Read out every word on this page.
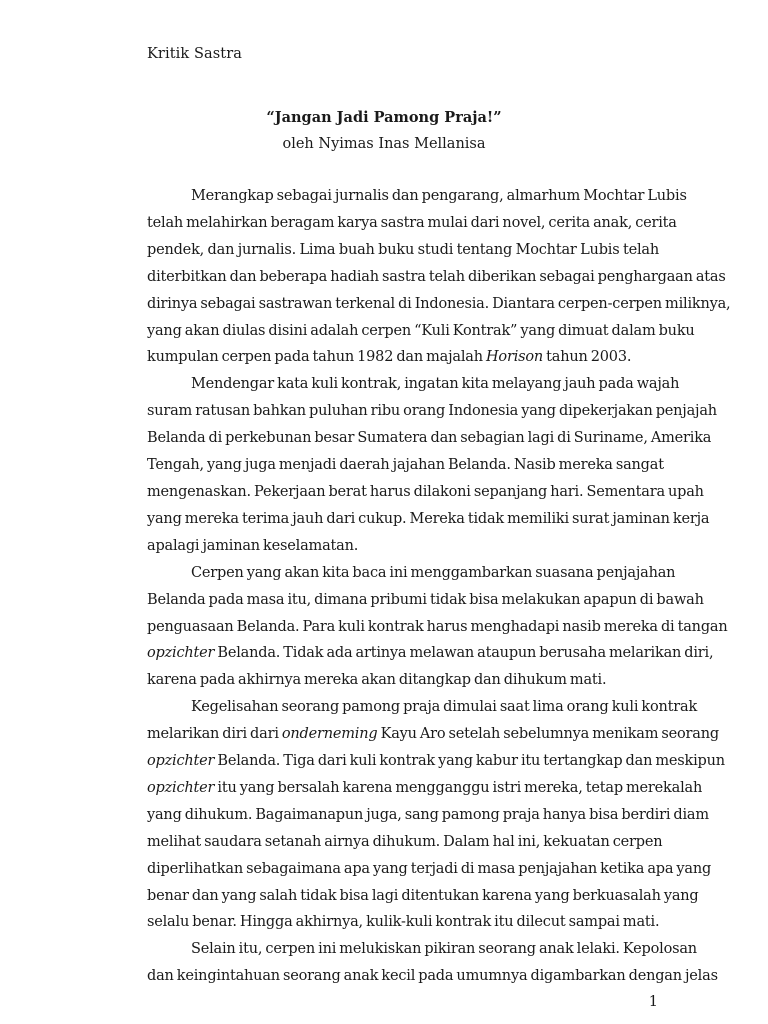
Kritik Sastra
“Jangan Jadi Pamong Praja!”
oleh Nyimas Inas Mellanisa
Merangkap sebagai jurnalis dan pengarang, almarhum Mochtar Lubis
telah melahirkan beragam karya sastra mulai dari novel, cerita anak, cerita
pendek, dan jurnalis. Lima buah buku studi tentang Mochtar Lubis telah
diterbitkan dan beberapa hadiah sastra telah diberikan sebagai penghargaan atas
dirinya sebagai sastrawan terkenal di Indonesia. Diantara cerpen-cerpen miliknya,
yang akan diulas disini adalah cerpen “Kuli Kontrak” yang dimuat dalam buku
kumpulan cerpen pada tahun 1982 dan majalah Horison tahun 2003.
Mendengar kata kuli kontrak, ingatan kita melayang jauh pada wajah
suram ratusan bahkan puluhan ribu orang Indonesia yang dipekerjakan penjajah
Belanda di perkebunan besar Sumatera dan sebagian lagi di Suriname, Amerika
Tengah, yang juga menjadi daerah jajahan Belanda. Nasib mereka sangat
mengenaskan. Pekerjaan berat harus dilakoni sepanjang hari. Sementara upah
yang mereka terima jauh dari cukup. Mereka tidak memiliki surat jaminan kerja
apalagi jaminan keselamatan.
Cerpen yang akan kita baca ini menggambarkan suasana penjajahan
Belanda pada masa itu, dimana pribumi tidak bisa melakukan apapun di bawah
penguasaan Belanda. Para kuli kontrak harus menghadapi nasib mereka di tangan
opzichter Belanda. Tidak ada artinya melawan ataupun berusaha melarikan diri,
karena pada akhirnya mereka akan ditangkap dan dihukum mati.
Kegelisahan seorang pamong praja dimulai saat lima orang kuli kontrak
melarikan diri dari onderneming Kayu Aro setelah sebelumnya menikam seorang
opzichter Belanda. Tiga dari kuli kontrak yang kabur itu tertangkap dan meskipun
opzichter itu yang bersalah karena mengganggu istri mereka, tetap merekalah
yang dihukum. Bagaimanapun juga, sang pamong praja hanya bisa berdiri diam
melihat saudara setanah airnya dihukum. Dalam hal ini, kekuatan cerpen
diperlihatkan sebagaimana apa yang terjadi di masa penjajahan ketika apa yang
benar dan yang salah tidak bisa lagi ditentukan karena yang berkuasalah yang
selalu benar. Hingga akhirnya, kulik-kuli kontrak itu dilecut sampai mati.
Selain itu, cerpen ini melukiskan pikiran seorang anak lelaki. Kepolosan
dan keingintahuan seorang anak kecil pada umumnya digambarkan dengan jelas
1
